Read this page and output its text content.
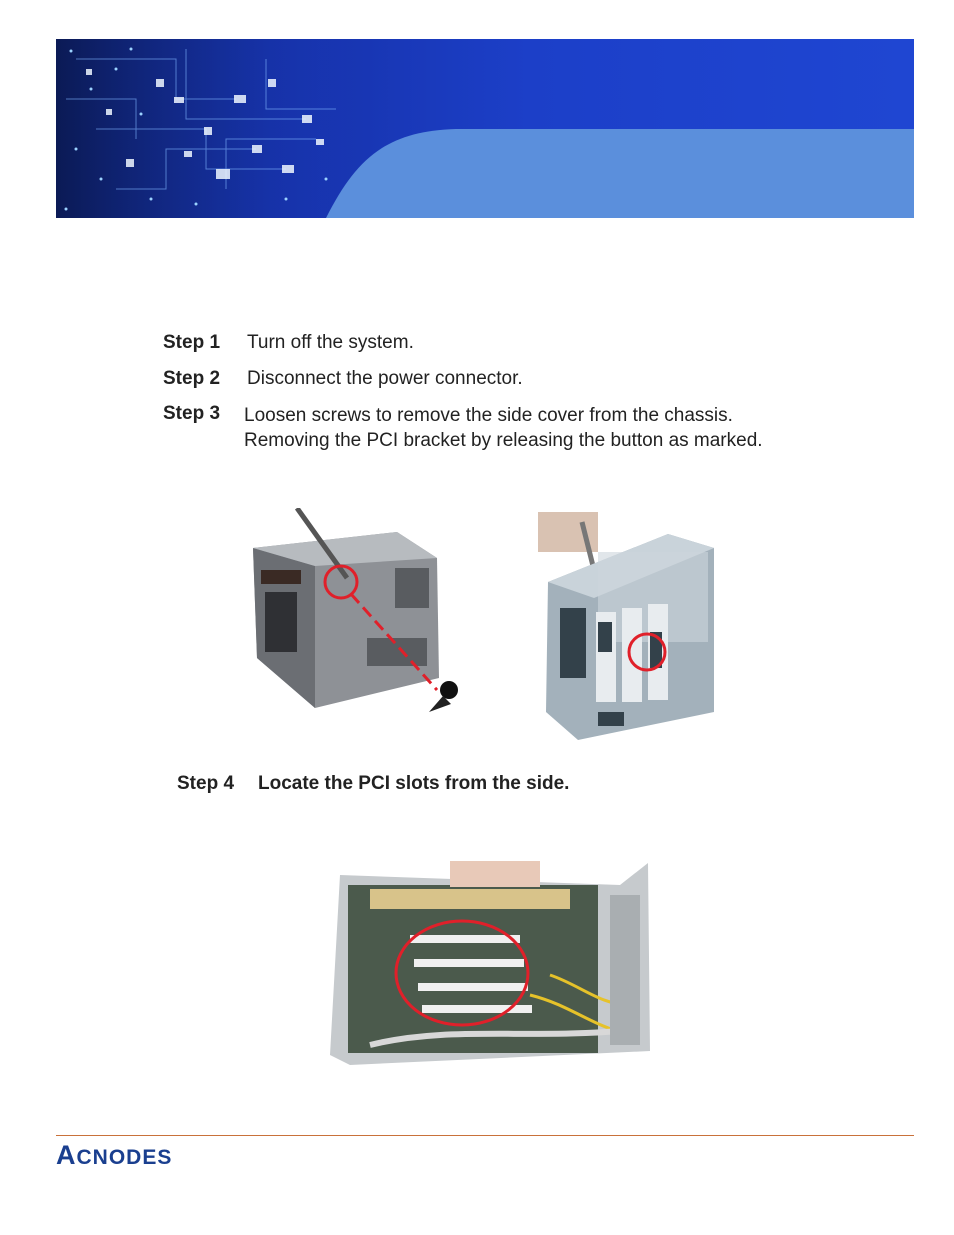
Step 1 Turn off the system.
Step 2 Disconnect the power connector.
Step 3 Loosen screws to remove the side cover from the chassis.
Removing the PCI bracket by releasing the button as marked.
Step 4 Locate the PCI slots from the side.
ACNODES
